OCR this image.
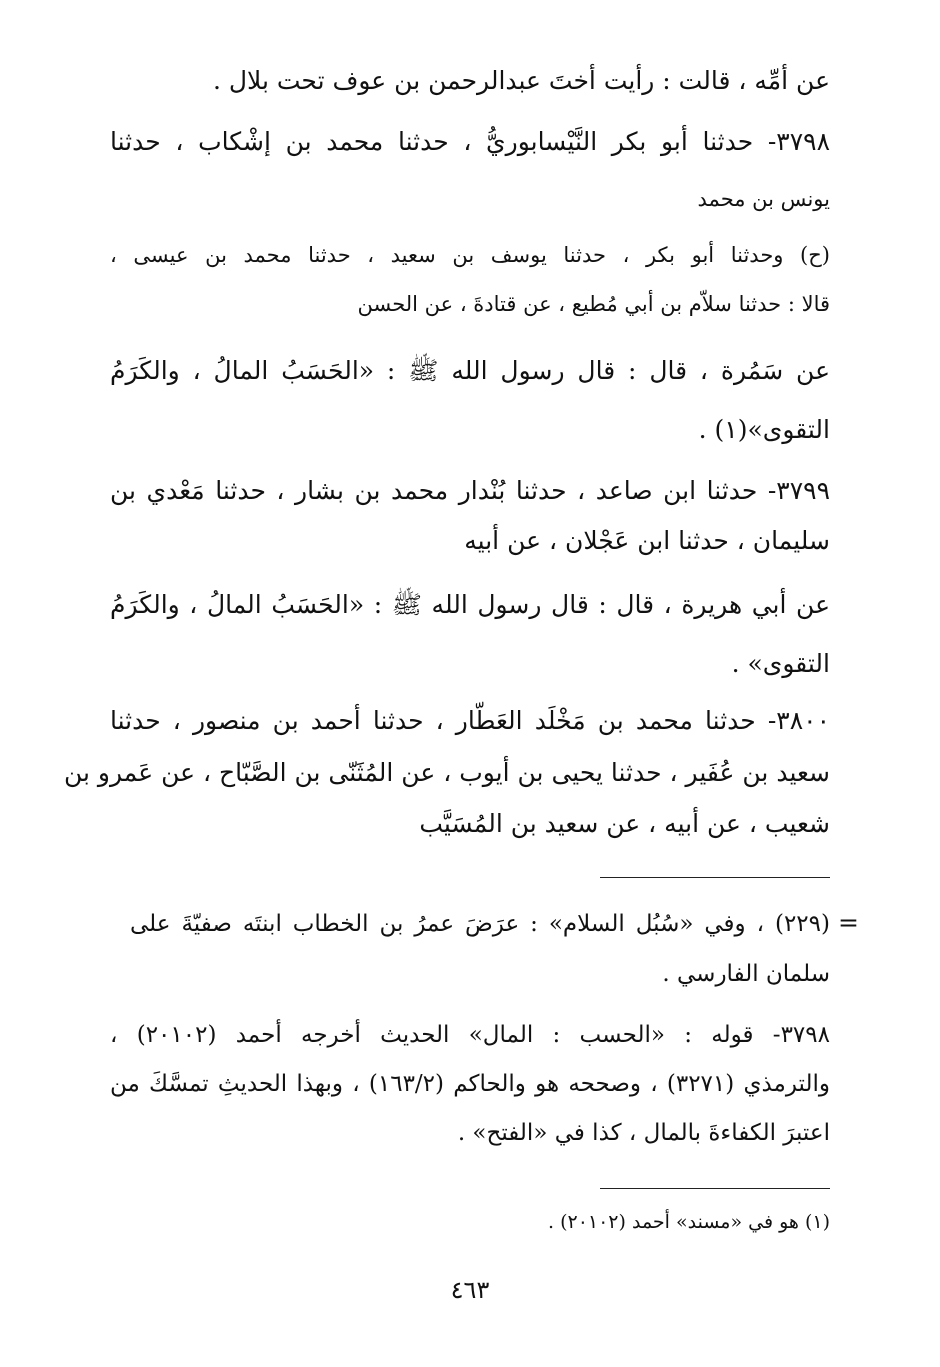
عن أمِّه ، قالت : رأيت أختَ عبدالرحمن بن عوف تحت بلال .
٣٧٩٨- حدثنا أبو بكر النَّيْسابوريُّ ، حدثنا محمد بن إشْكاب ، حدثنا
يونس بن محمد
(ح) وحدثنا أبو بكر ، حدثنا يوسف بن سعيد ، حدثنا محمد بن عيسى ،
قالا : حدثنا سلاّم بن أبي مُطيع ، عن قتادةَ ، عن الحسن
عن سَمُرة ، قال : قال رسول الله ﷺ : «الحَسَبُ المالُ ، والكَرَمُ
التقوى»(١) .
٣٧٩٩- حدثنا ابن صاعد ، حدثنا بُنْدار محمد بن بشار ، حدثنا مَعْدي بن
سليمان ، حدثنا ابن عَجْلان ، عن أبيه
عن أبي هريرة ، قال : قال رسول الله ﷺ : «الحَسَبُ المالُ ، والكَرَمُ
التقوى» .
٣٨٠٠- حدثنا محمد بن مَخْلَد العَطّار ، حدثنا أحمد بن منصور ، حدثنا
سعيد بن عُفَير ، حدثنا يحيى بن أيوب ، عن المُثَنّى بن الصَّبّاح ، عن عَمرو بن
شعيب ، عن أبيه ، عن سعيد بن المُسَيَّب
=
(٢٢٩) ، وفي «سُبُل السلام» : عرَضَ عمرُ بن الخطاب ابنتَه صفيّةَ على
سلمان الفارسي .
٣٧٩٨- قوله : «الحسب : المال» الحديث أخرجه أحمد (٢٠١٠٢) ،
والترمذي (٣٢٧١) ، وصححه هو والحاكم (١٦٣/٢) ، وبهذا الحديثِ تمسَّكَ من
اعتبرَ الكفاءةَ بالمال ، كذا في «الفتح» .
(١) هو في «مسند» أحمد (٢٠١٠٢) .
٤٦٣
